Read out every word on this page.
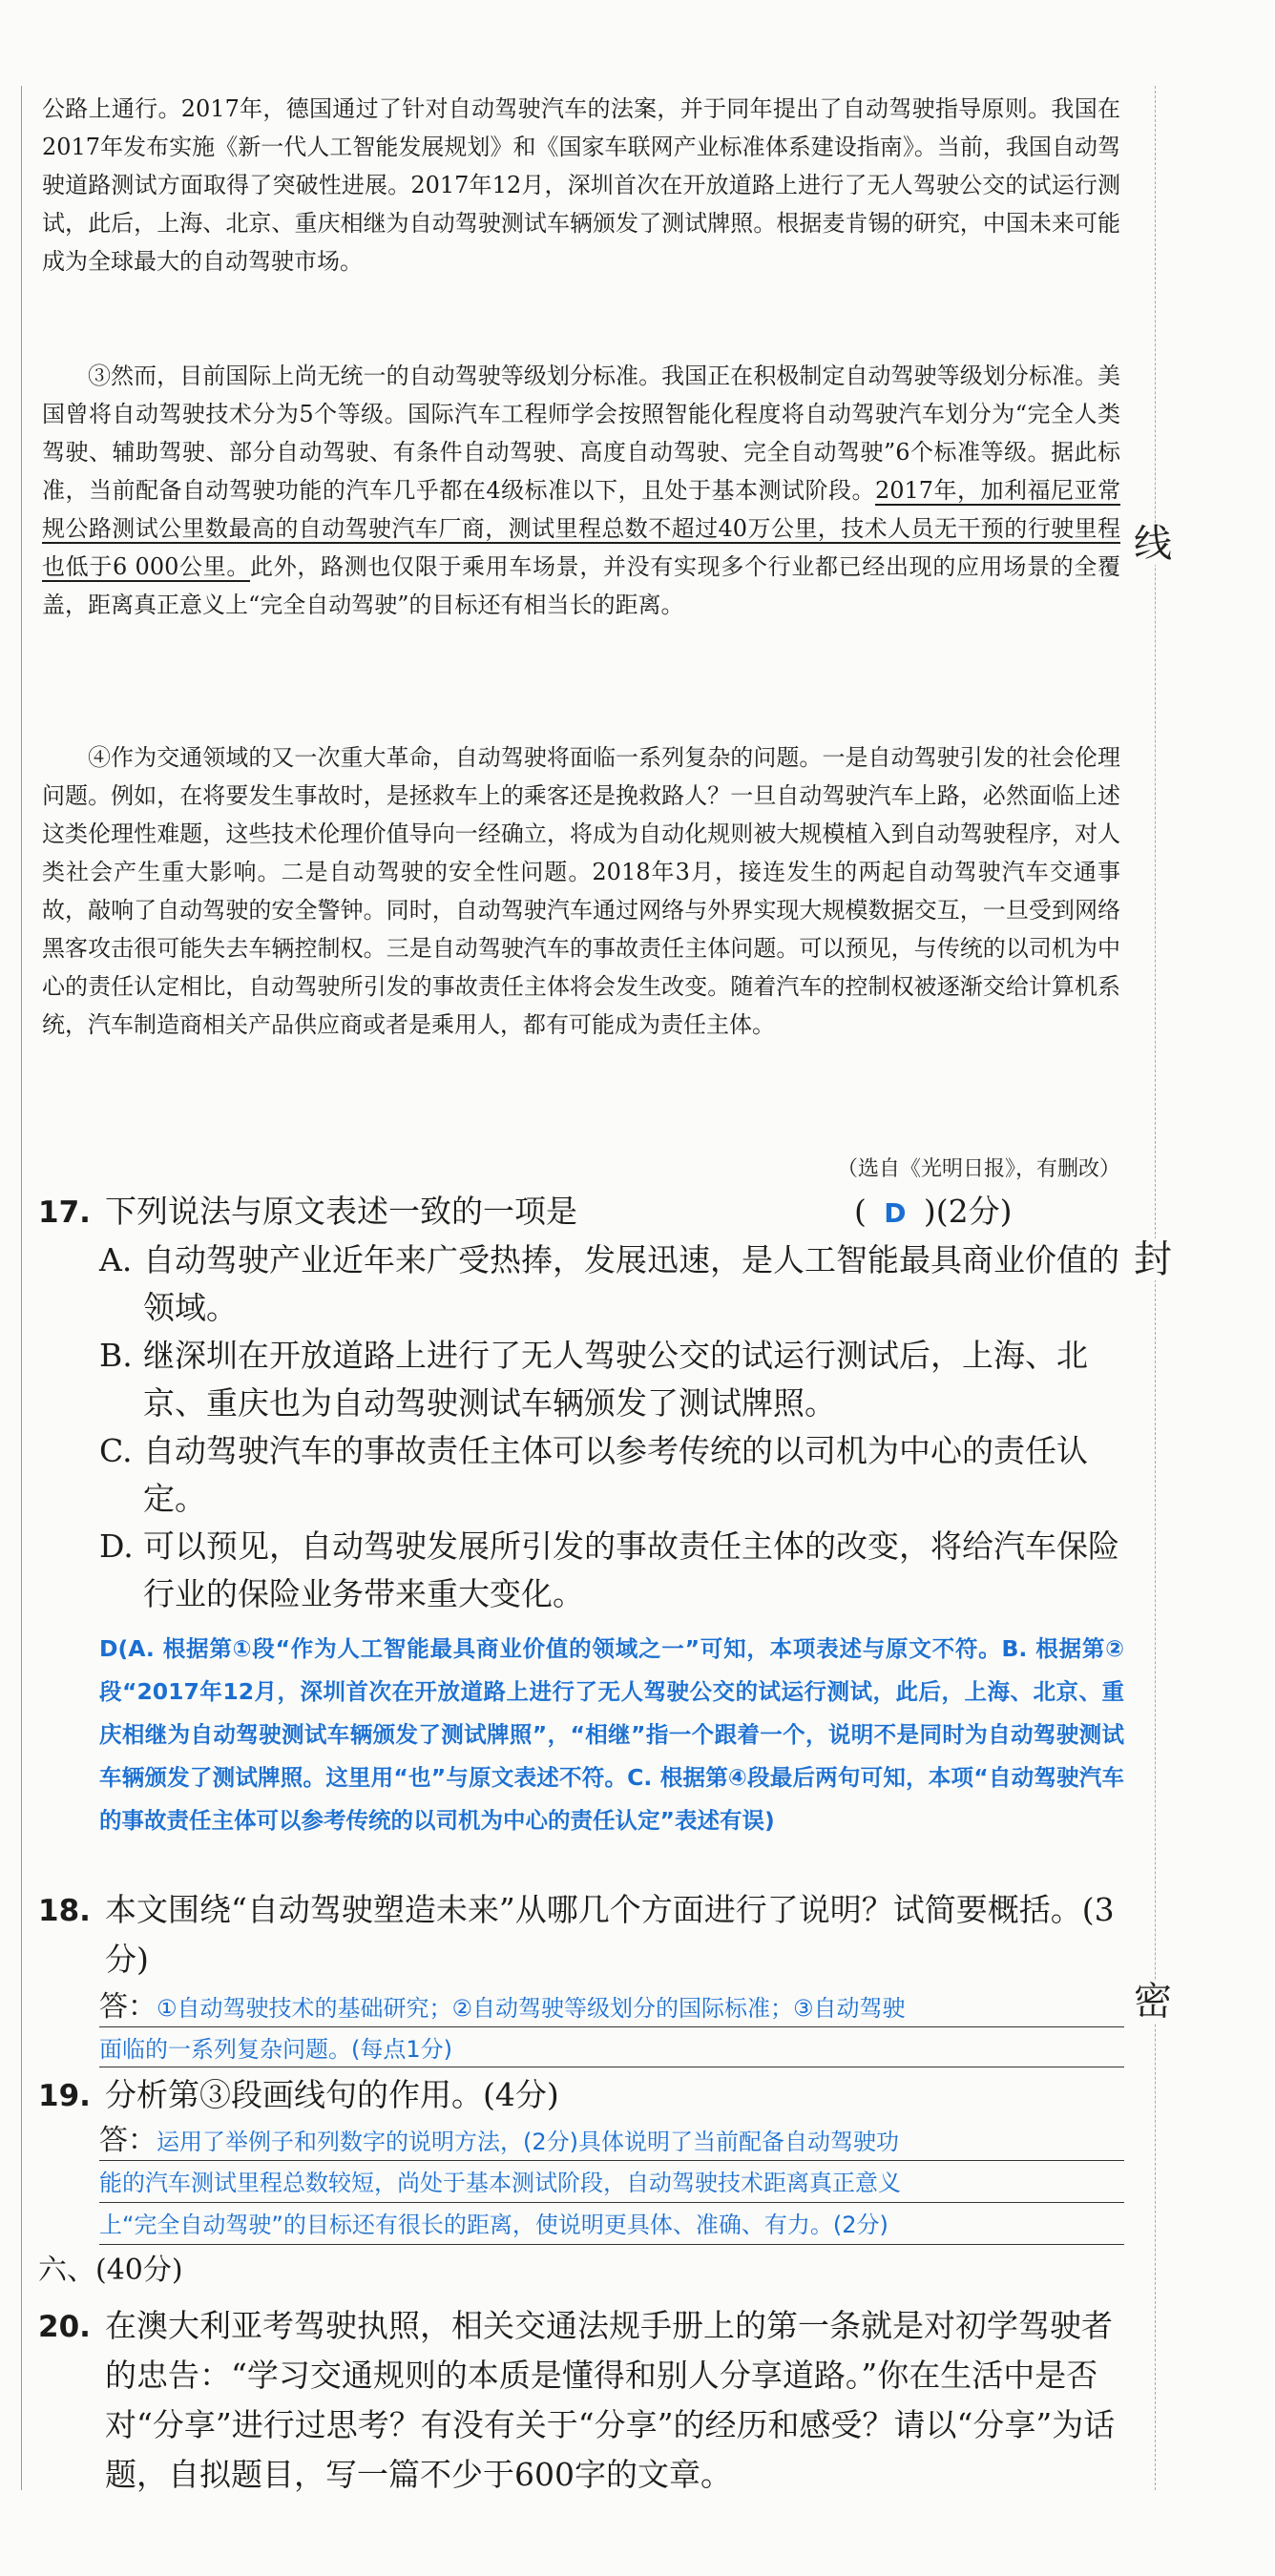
线
封
密
公路上通行。2017年，德国通过了针对自动驾驶汽车的法案，并于同年提出了自动驾驶指导原则。我国在2017年发布实施《新一代人工智能发展规划》和《国家车联网产业标准体系建设指南》。当前，我国自动驾驶道路测试方面取得了突破性进展。2017年12月，深圳首次在开放道路上进行了无人驾驶公交的试运行测试，此后，上海、北京、重庆相继为自动驾驶测试车辆颁发了测试牌照。根据麦肯锡的研究，中国未来可能成为全球最大的自动驾驶市场。
③然而，目前国际上尚无统一的自动驾驶等级划分标准。我国正在积极制定自动驾驶等级划分标准。美国曾将自动驾驶技术分为5个等级。国际汽车工程师学会按照智能化程度将自动驾驶汽车划分为“完全人类驾驶、辅助驾驶、部分自动驾驶、有条件自动驾驶、高度自动驾驶、完全自动驾驶”6个标准等级。据此标准，当前配备自动驾驶功能的汽车几乎都在4级标准以下，且处于基本测试阶段。2017年，加利福尼亚常规公路测试公里数最高的自动驾驶汽车厂商，测试里程总数不超过40万公里，技术人员无干预的行驶里程也低于6 000公里。此外，路测也仅限于乘用车场景，并没有实现多个行业都已经出现的应用场景的全覆盖，距离真正意义上“完全自动驾驶”的目标还有相当长的距离。
④作为交通领域的又一次重大革命，自动驾驶将面临一系列复杂的问题。一是自动驾驶引发的社会伦理问题。例如，在将要发生事故时，是拯救车上的乘客还是挽救路人？一旦自动驾驶汽车上路，必然面临上述这类伦理性难题，这些技术伦理价值导向一经确立，将成为自动化规则被大规模植入到自动驾驶程序，对人类社会产生重大影响。二是自动驾驶的安全性问题。2018年3月，接连发生的两起自动驾驶汽车交通事故，敲响了自动驾驶的安全警钟。同时，自动驾驶汽车通过网络与外界实现大规模数据交互，一旦受到网络黑客攻击很可能失去车辆控制权。三是自动驾驶汽车的事故责任主体问题。可以预见，与传统的以司机为中心的责任认定相比，自动驾驶所引发的事故责任主体将会发生改变。随着汽车的控制权被逐渐交给计算机系统，汽车制造商相关产品供应商或者是乘用人，都有可能成为责任主体。
（选自《光明日报》，有删改）
17. 下列说法与原文表述一致的一项是	( D )(2分)
A. 自动驾驶产业近年来广受热捧，发展迅速，是人工智能最具商业价值的领域。
B. 继深圳在开放道路上进行了无人驾驶公交的试运行测试后，上海、北京、重庆也为自动驾驶测试车辆颁发了测试牌照。
C. 自动驾驶汽车的事故责任主体可以参考传统的以司机为中心的责任认定。
D. 可以预见，自动驾驶发展所引发的事故责任主体的改变，将给汽车保险行业的保险业务带来重大变化。
D(A. 根据第①段“作为人工智能最具商业价值的领域之一”可知，本项表述与原文不符。B. 根据第②段“2017年12月，深圳首次在开放道路上进行了无人驾驶公交的试运行测试，此后，上海、北京、重庆相继为自动驾驶测试车辆颁发了测试牌照”，“相继”指一个跟着一个，说明不是同时为自动驾驶测试车辆颁发了测试牌照。这里用“也”与原文表述不符。C. 根据第④段最后两句可知，本项“自动驾驶汽车的事故责任主体可以参考传统的以司机为中心的责任认定”表述有误)
18. 本文围绕“自动驾驶塑造未来”从哪几个方面进行了说明？试简要概括。(3分)
答：①自动驾驶技术的基础研究；②自动驾驶等级划分的国际标准；③自动驾驶
面临的一系列复杂问题。(每点1分)
19. 分析第③段画线句的作用。(4分)
答：运用了举例子和列数字的说明方法，(2分)具体说明了当前配备自动驾驶功
能的汽车测试里程总数较短，尚处于基本测试阶段，自动驾驶技术距离真正意义
上“完全自动驾驶”的目标还有很长的距离，使说明更具体、准确、有力。(2分)
六、(40分)
20. 在澳大利亚考驾驶执照，相关交通法规手册上的第一条就是对初学驾驶者的忠告：“学习交通规则的本质是懂得和别人分享道路。”你在生活中是否对“分享”进行过思考？有没有关于“分享”的经历和感受？请以“分享”为话题，自拟题目，写一篇不少于600字的文章。
